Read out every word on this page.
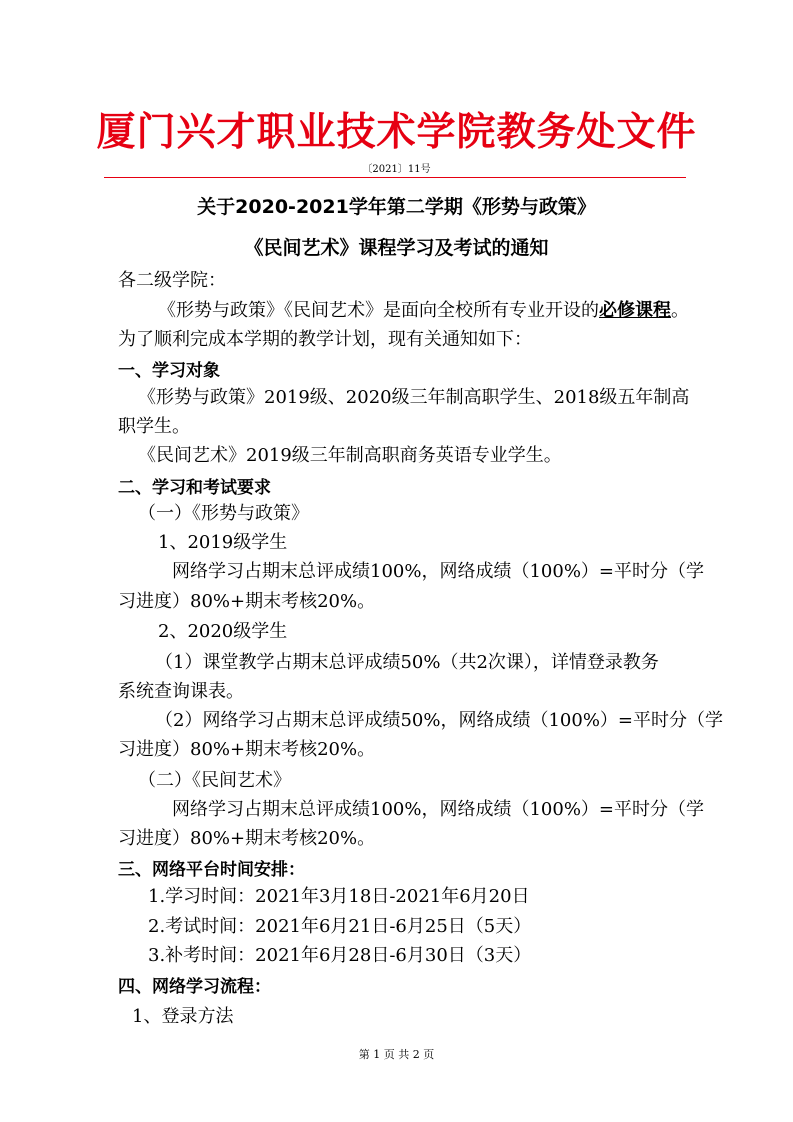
厦门兴才职业技术学院教务处文件
〔2021〕11号
关于2020-2021学年第二学期《形势与政策》
《民间艺术》课程学习及考试的通知
各二级学院：
《形势与政策》《民间艺术》是面向全校所有专业开设的必修课程。
为了顺利完成本学期的教学计划，现有关通知如下：
一、学习对象
《形势与政策》2019级、2020级三年制高职学生、2018级五年制高
职学生。
《民间艺术》2019级三年制高职商务英语专业学生。
二、学习和考试要求
（一）《形势与政策》
1、2019级学生
网络学习占期末总评成绩100%，网络成绩（100%）=平时分（学
习进度）80%+期末考核20%。
2、2020级学生
（1）课堂教学占期末总评成绩50%（共2次课），详情登录教务
系统查询课表。
（2）网络学习占期末总评成绩50%，网络成绩（100%）=平时分（学
习进度）80%+期末考核20%。
（二）《民间艺术》
网络学习占期末总评成绩100%，网络成绩（100%）=平时分（学
习进度）80%+期末考核20%。
三、网络平台时间安排：
1.学习时间：2021年3月18日-2021年6月20日
2.考试时间：2021年6月21日-6月25日（5天）
3.补考时间：2021年6月28日-6月30日（3天）
四、网络学习流程：
1、登录方法
第 1 页 共 2 页
